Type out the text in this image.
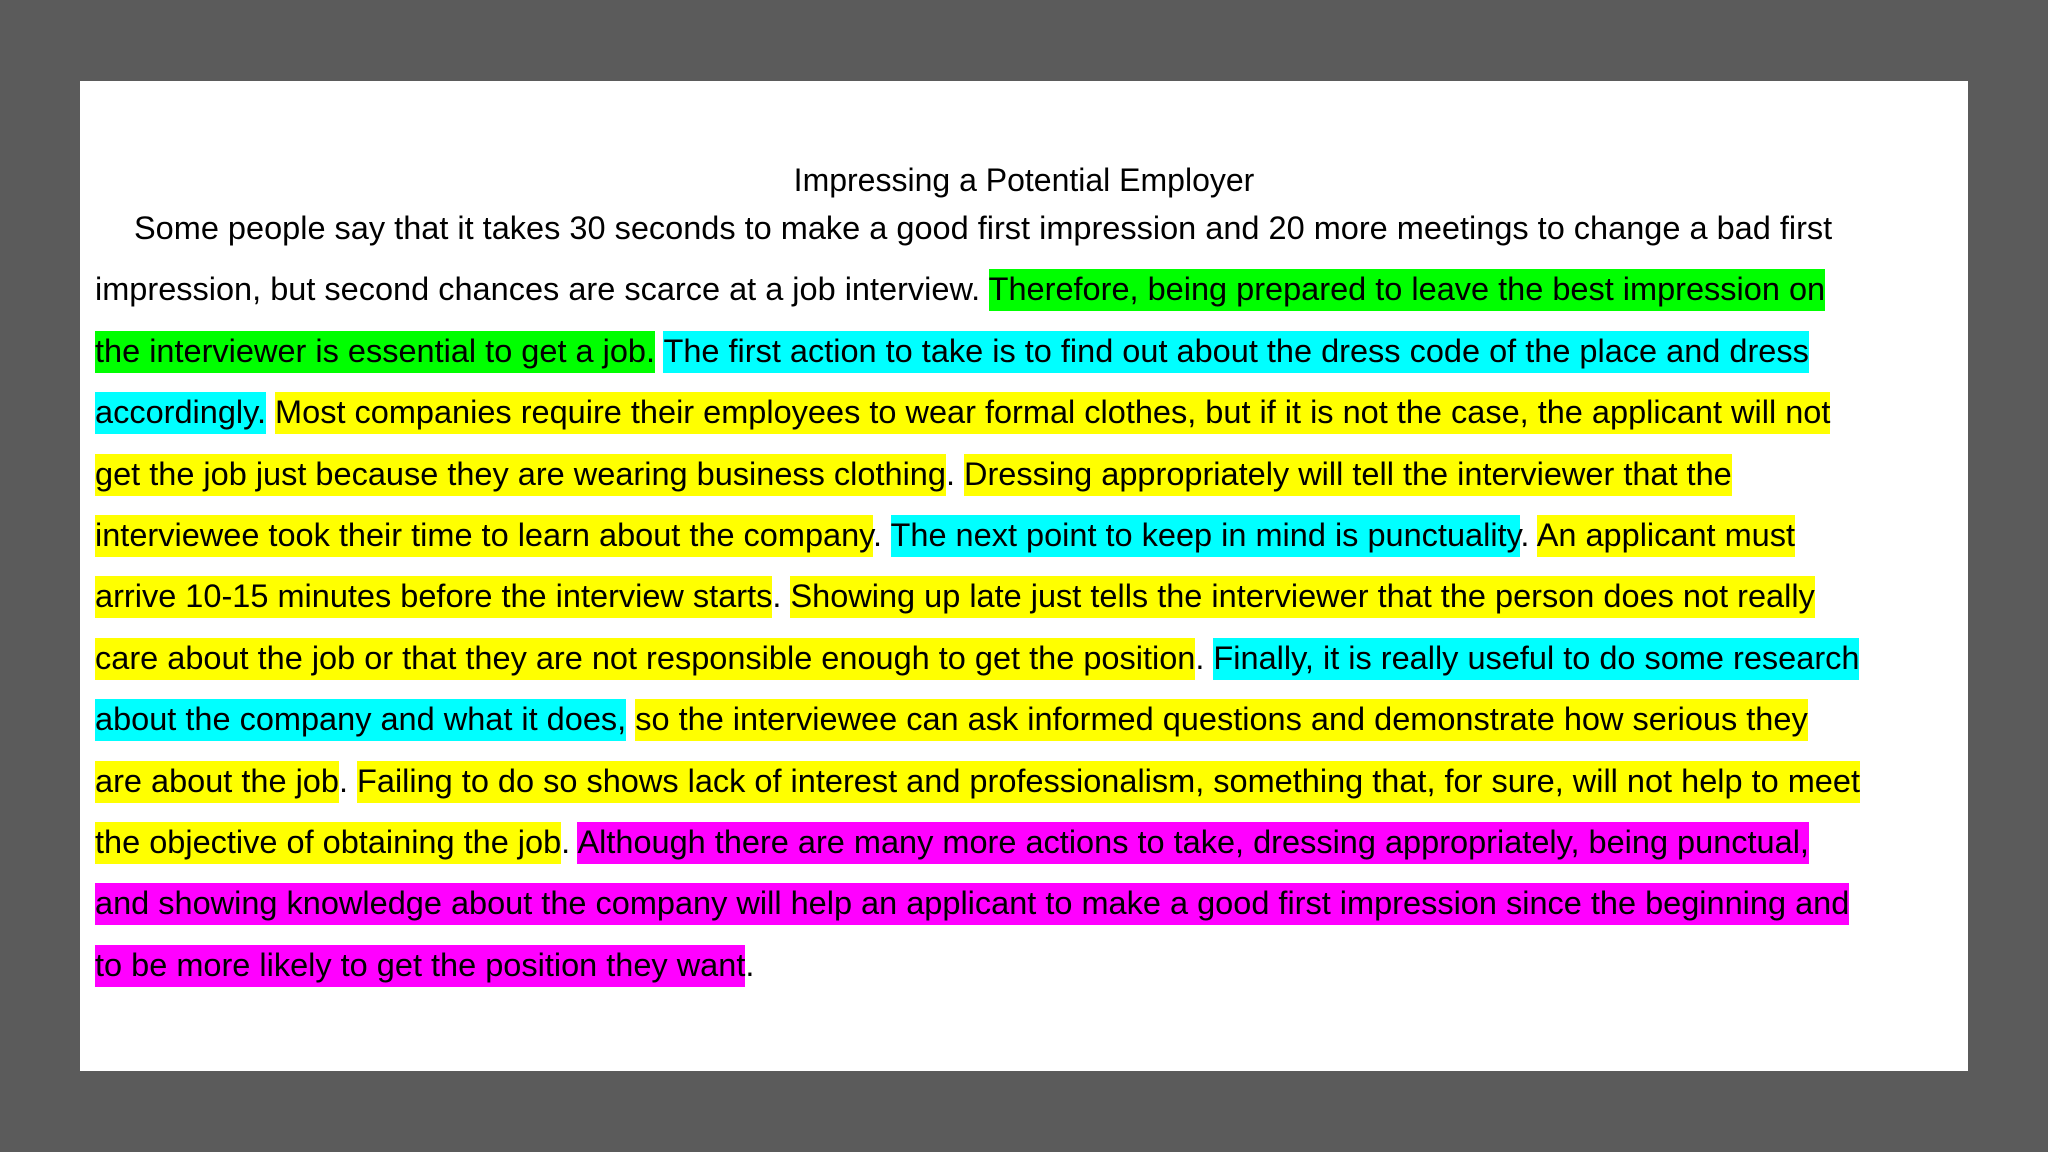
Impressing a Potential Employer
Some people say that it takes 30 seconds to make a good first impression and 20 more meetings to change a bad first
impression, but second chances are scarce at a job interview. Therefore, being prepared to leave the best impression on
the interviewer is essential to get a job. The first action to take is to find out about the dress code of the place and dress
accordingly. Most companies require their employees to wear formal clothes, but if it is not the case, the applicant will not
get the job just because they are wearing business clothing. Dressing appropriately will tell the interviewer that the
interviewee took their time to learn about the company. The next point to keep in mind is punctuality. An applicant must
arrive 10-15 minutes before the interview starts. Showing up late just tells the interviewer that the person does not really
care about the job or that they are not responsible enough to get the position. Finally, it is really useful to do some research
about the company and what it does, so the interviewee can ask informed questions and demonstrate how serious they
are about the job. Failing to do so shows lack of interest and professionalism, something that, for sure, will not help to meet
the objective of obtaining the job. Although there are many more actions to take, dressing appropriately, being punctual,
and showing knowledge about the company will help an applicant to make a good first impression since the beginning and
to be more likely to get the position they want.
